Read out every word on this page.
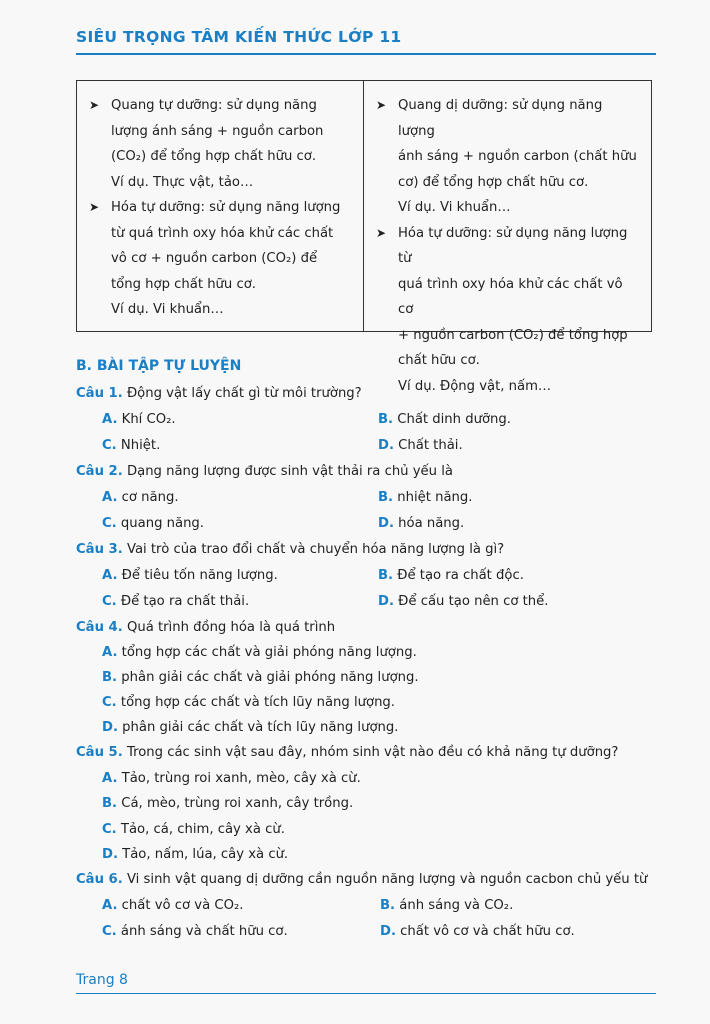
SIÊU TRỌNG TÂM KIẾN THỨC LỚP 11
➤ Quang tự dưỡng: sử dụng năng
lượng ánh sáng + nguồn carbon
(CO₂) để tổng hợp chất hữu cơ.
Ví dụ. Thực vật, tảo…
➤ Hóa tự dưỡng: sử dụng năng lượng
từ quá trình oxy hóa khử các chất
vô cơ + nguồn carbon (CO₂) để
tổng hợp chất hữu cơ.
Ví dụ. Vi khuẩn…
➤ Quang dị dưỡng: sử dụng năng lượng
ánh sáng + nguồn carbon (chất hữu
cơ) để tổng hợp chất hữu cơ.
Ví dụ. Vi khuẩn…
➤ Hóa tự dưỡng: sử dụng năng lượng từ
quá trình oxy hóa khử các chất vô cơ
+ nguồn carbon (CO₂) để tổng hợp
chất hữu cơ.
Ví dụ. Động vật, nấm…
B. BÀI TẬP TỰ LUYỆN
Câu 1. Động vật lấy chất gì từ môi trường?
A. Khí CO₂.	B. Chất dinh dưỡng.
C. Nhiệt.	D. Chất thải.
Câu 2. Dạng năng lượng được sinh vật thải ra chủ yếu là
A. cơ năng.	B. nhiệt năng.
C. quang năng.	D. hóa năng.
Câu 3. Vai trò của trao đổi chất và chuyển hóa năng lượng là gì?
A. Để tiêu tốn năng lượng.	B. Để tạo ra chất độc.
C. Để tạo ra chất thải.	D. Để cấu tạo nên cơ thể.
Câu 4. Quá trình đồng hóa là quá trình
A. tổng hợp các chất và giải phóng năng lượng.
B. phân giải các chất và giải phóng năng lượng.
C. tổng hợp các chất và tích lũy năng lượng.
D. phân giải các chất và tích lũy năng lượng.
Câu 5. Trong các sinh vật sau đây, nhóm sinh vật nào đều có khả năng tự dưỡng?
A. Tảo, trùng roi xanh, mèo, cây xà cừ.
B. Cá, mèo, trùng roi xanh, cây trồng.
C. Tảo, cá, chim, cây xà cừ.
D. Tảo, nấm, lúa, cây xà cừ.
Câu 6. Vi sinh vật quang dị dưỡng cần nguồn năng lượng và nguồn cacbon chủ yếu từ
A. chất vô cơ và CO₂.	B. ánh sáng và CO₂.
C. ánh sáng và chất hữu cơ.	D. chất vô cơ và chất hữu cơ.
Trang 8
